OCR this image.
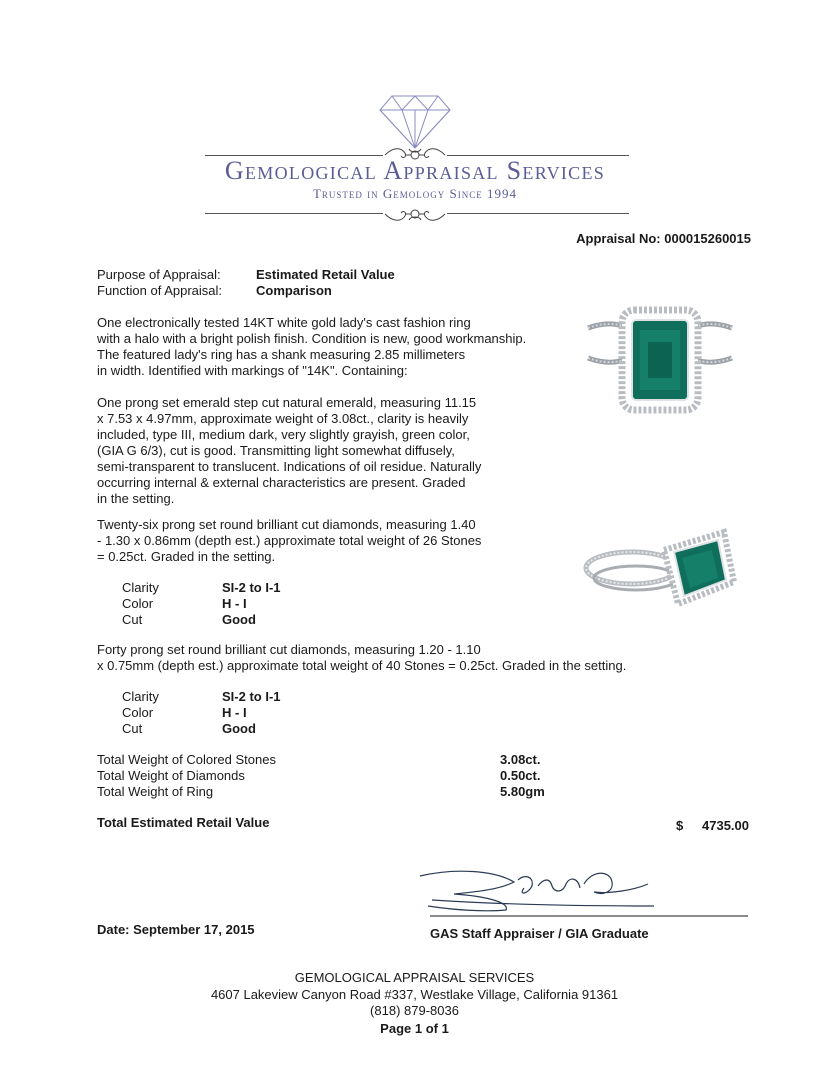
Gemological Appraisal Services
Trusted in Gemology Since 1994
Appraisal No: 000015260015
Purpose of Appraisal:	Estimated Retail Value
Function of Appraisal:	Comparison
One electronically tested 14KT white gold lady's cast fashion ring
with a halo with a bright polish finish. Condition is new, good workmanship.
The featured lady's ring has a shank measuring 2.85 millimeters
in width. Identified with markings of "14K". Containing:
One prong set emerald step cut natural emerald, measuring 11.15
x 7.53 x 4.97mm, approximate weight of 3.08ct., clarity is heavily
included, type III, medium dark, very slightly grayish, green color,
(GIA G 6/3), cut is good. Transmitting light somewhat diffusely,
semi-transparent to translucent. Indications of oil residue. Naturally
occurring internal & external characteristics are present. Graded
in the setting.
Twenty-six prong set round brilliant cut diamonds, measuring 1.40
- 1.30 x 0.86mm (depth est.) approximate total weight of 26 Stones
= 0.25ct. Graded in the setting.
Clarity	SI-2 to I-1
Color	H - I
Cut	Good
Forty prong set round brilliant cut diamonds, measuring 1.20 - 1.10
x 0.75mm (depth est.) approximate total weight of 40 Stones = 0.25ct. Graded in the setting.
Clarity	SI-2 to I-1
Color	H - I
Cut	Good
Total Weight of Colored Stones	3.08ct.
Total Weight of Diamonds	0.50ct.
Total Weight of Ring	5.80gm
Total Estimated Retail Value	$ 4735.00
Date: September 17, 2015	GAS Staff Appraiser / GIA Graduate
GEMOLOGICAL APPRAISAL SERVICES
4607 Lakeview Canyon Road #337, Westlake Village, California 91361
(818) 879-8036
Page 1 of 1
